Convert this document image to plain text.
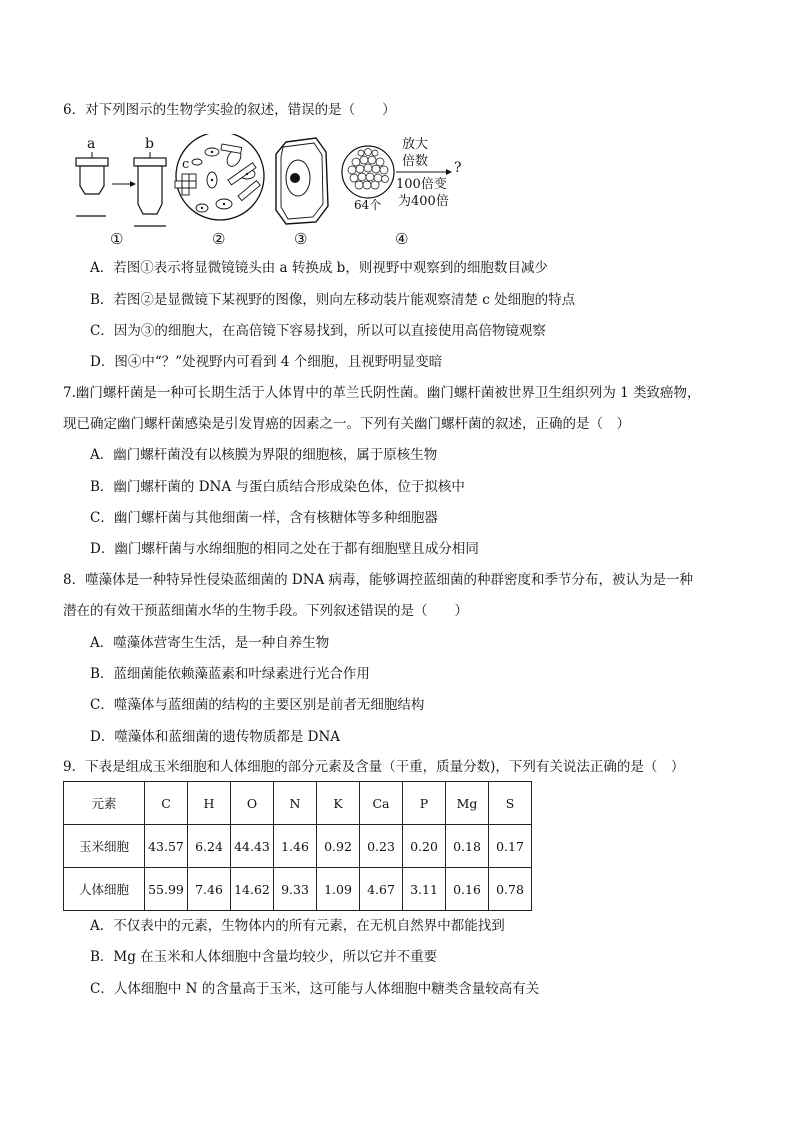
6．对下列图示的生物学实验的叙述，错误的是（　　）
a	b
c
64个
放大
倍数 ?
100倍变
为400倍
①	②	③	④
A．若图①表示将显微镜镜头由 a 转换成 b，则视野中观察到的细胞数目减少
B．若图②是显微镜下某视野的图像，则向左移动装片能观察清楚 c 处细胞的特点
C．因为③的细胞大，在高倍镜下容易找到，所以可以直接使用高倍物镜观察
D．图④中“？”处视野内可看到 4 个细胞，且视野明显变暗
7.幽门螺杆菌是一种可长期生活于人体胃中的革兰氏阴性菌。幽门螺杆菌被世界卫生组织列为 1 类致癌物，
现已确定幽门螺杆菌感染是引发胃癌的因素之一。下列有关幽门螺杆菌的叙述，正确的是（　）
A．幽门螺杆菌没有以核膜为界限的细胞核，属于原核生物
B．幽门螺杆菌的 DNA 与蛋白质结合形成染色体，位于拟核中
C．幽门螺杆菌与其他细菌一样，含有核糖体等多种细胞器
D．幽门螺杆菌与水绵细胞的相同之处在于都有细胞壁且成分相同
8．噬藻体是一种特异性侵染蓝细菌的 DNA 病毒，能够调控蓝细菌的种群密度和季节分布，被认为是一种
潜在的有效干预蓝细菌水华的生物手段。下列叙述错误的是（　　）
A．噬藻体营寄生生活，是一种自养生物
B．蓝细菌能依赖藻蓝素和叶绿素进行光合作用
C．噬藻体与蓝细菌的结构的主要区别是前者无细胞结构
D．噬藻体和蓝细菌的遗传物质都是 DNA
9．下表是组成玉米细胞和人体细胞的部分元素及含量（干重，质量分数)，下列有关说法正确的是（　）
元素	C	H	O	N	K	Ca	P	Mg	S
玉米细胞	43.57	6.24	44.43	1.46	0.92	0.23	0.20	0.18	0.17
人体细胞	55.99	7.46	14.62	9.33	1.09	4.67	3.11	0.16	0.78
A．不仅表中的元素，生物体内的所有元素，在无机自然界中都能找到
B．Mg 在玉米和人体细胞中含量均较少，所以它并不重要
C．人体细胞中 N 的含量高于玉米，这可能与人体细胞中糖类含量较高有关
